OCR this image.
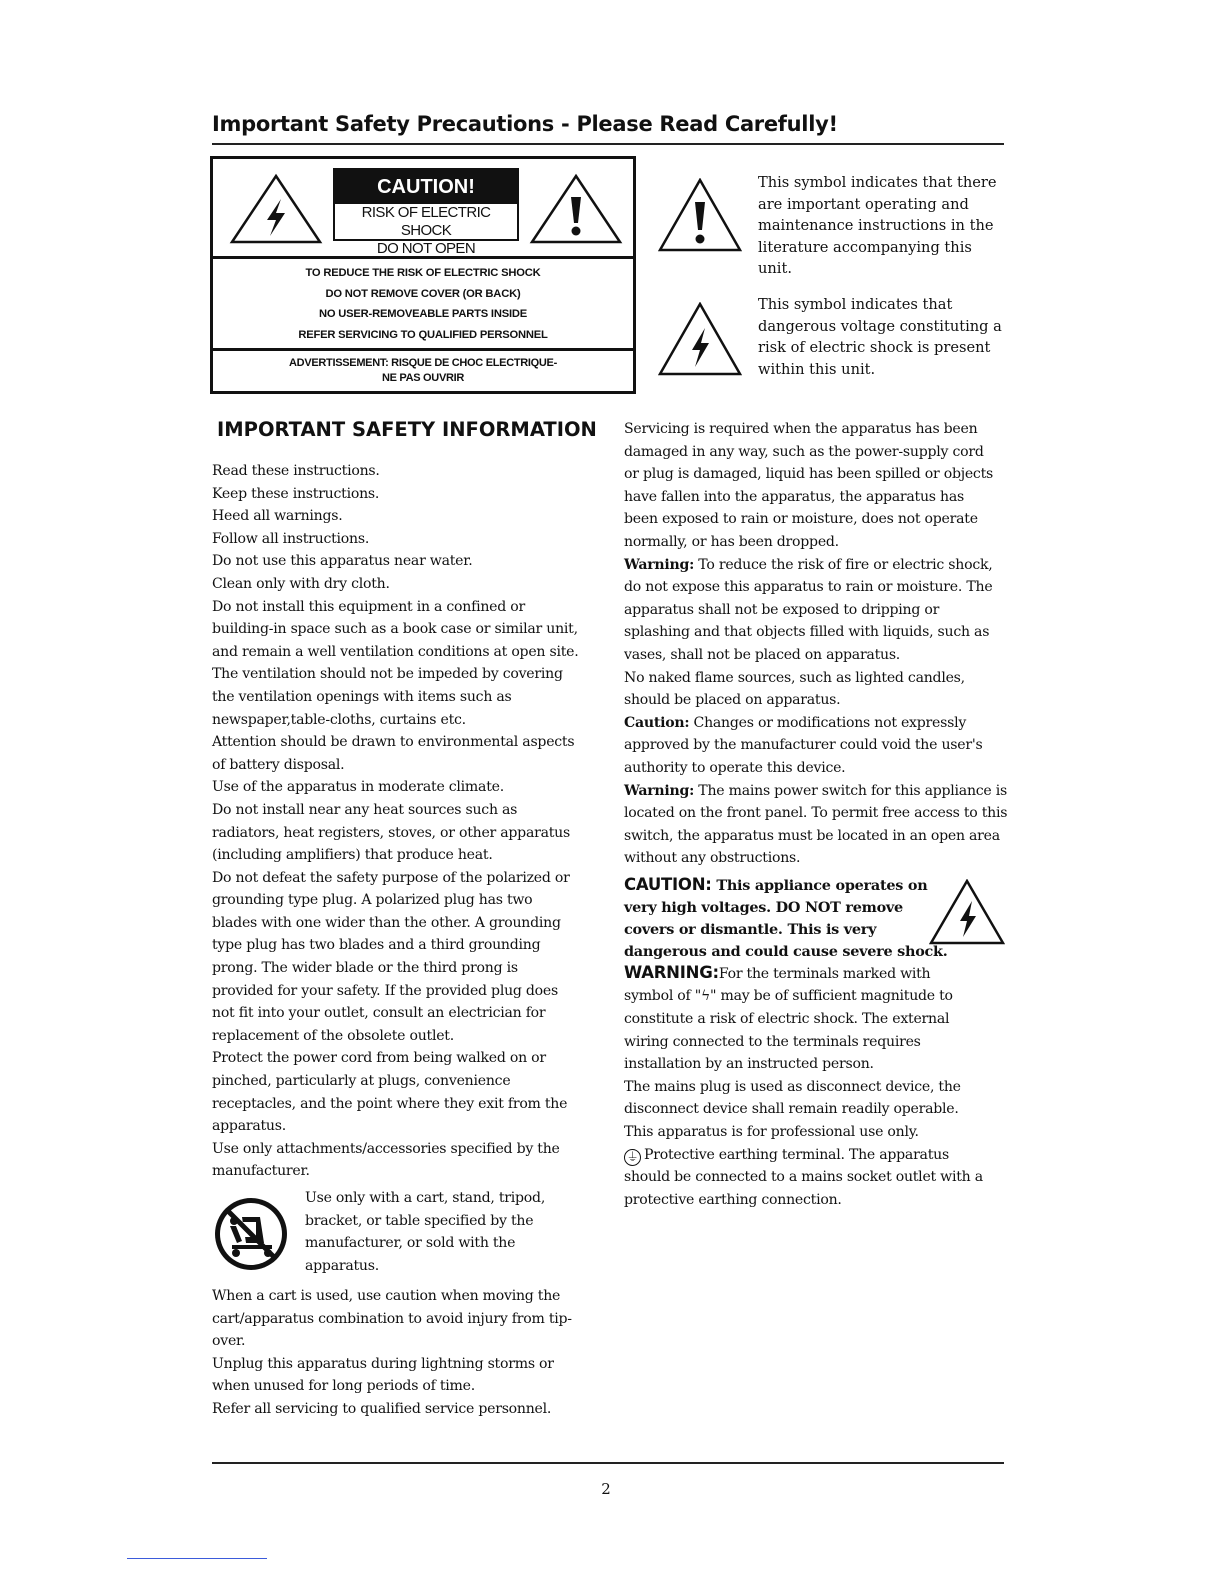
Important Safety Precautions - Please Read Carefully!
CAUTION!
RISK OF ELECTRIC SHOCK
DO NOT OPEN
TO REDUCE THE RISK OF ELECTRIC SHOCK
DO NOT REMOVE COVER (OR BACK)
NO USER-REMOVEABLE PARTS INSIDE
REFER SERVICING TO QUALIFIED PERSONNEL
ADVERTISSEMENT: RISQUE DE CHOC ELECTRIQUE-
NE PAS OUVRIR
This symbol indicates that there are important operating and maintenance instructions in the literature accompanying this unit.
This symbol indicates that dangerous voltage constituting a risk of electric shock is present within this unit.
IMPORTANT SAFETY INFORMATION

Read these instructions.

Keep these instructions.

Heed all warnings.

Follow all instructions.

Do not use this apparatus near water.

Clean only with dry cloth.

Do not install this equipment in a confined or

building-in space such as a book case or similar unit,

and remain a well ventilation conditions at open site.

The ventilation should not be impeded by covering

the ventilation openings with items such as

newspaper,table-cloths, curtains etc.

Attention should be drawn to environmental aspects

of battery disposal.

Use of the apparatus in moderate climate.

Do not install near any heat sources such as

radiators, heat registers, stoves, or other apparatus

(including amplifiers) that produce heat.

Do not defeat the safety purpose of the polarized or

grounding type plug. A polarized plug has two

blades with one wider than the other. A grounding

type plug has two blades and a third grounding

prong. The wider blade or the third prong is

provided for your safety. If the provided plug does

not fit into your outlet, consult an electrician for

replacement of the obsolete outlet.

Protect the power cord from being walked on or

pinched, particularly at plugs, convenience

receptacles, and the point where they exit from the

apparatus.

Use only attachments/accessories specified by the

manufacturer.

Use only with a cart, stand, tripod,

bracket, or table specified by the

manufacturer, or sold with the

apparatus.

When a cart is used, use caution when moving the

cart/apparatus combination to avoid injury from tip-

over.

Unplug this apparatus during lightning storms or

when unused for long periods of time.

Refer all servicing to qualified service personnel.

Servicing is required when the apparatus has been

damaged in any way, such as the power-supply cord

or plug is damaged, liquid has been spilled or objects

have fallen into the apparatus, the apparatus has

been exposed to rain or moisture, does not operate

normally, or has been dropped.

Warning: To reduce the risk of fire or electric shock,

do not expose this apparatus to rain or moisture. The

apparatus shall not be exposed to dripping or

splashing and that objects filled with liquids, such as

vases, shall not be placed on apparatus.

No naked flame sources, such as lighted candles,

should be placed on apparatus.

Caution: Changes or modifications not expressly

approved by the manufacturer could void the user's

authority to operate this device.

Warning: The mains power switch for this appliance is

located on the front panel. To permit free access to this

switch, the apparatus must be located in an open area

without any obstructions.

CAUTION: This appliance operates on

very high voltages. DO NOT remove

covers or dismantle. This is very

dangerous and could cause severe shock.

WARNING:For the terminals marked with

symbol of "ϟ" may be of sufficient magnitude to

constitute a risk of electric shock. The external

wiring connected to the terminals requires

installation by an instructed person.

The mains plug is used as disconnect device, the

disconnect device shall remain readily operable.

This apparatus is for professional use only.

⏚ Protective earthing terminal. The apparatus

should be connected to a mains socket outlet with a

protective earthing connection.

2
